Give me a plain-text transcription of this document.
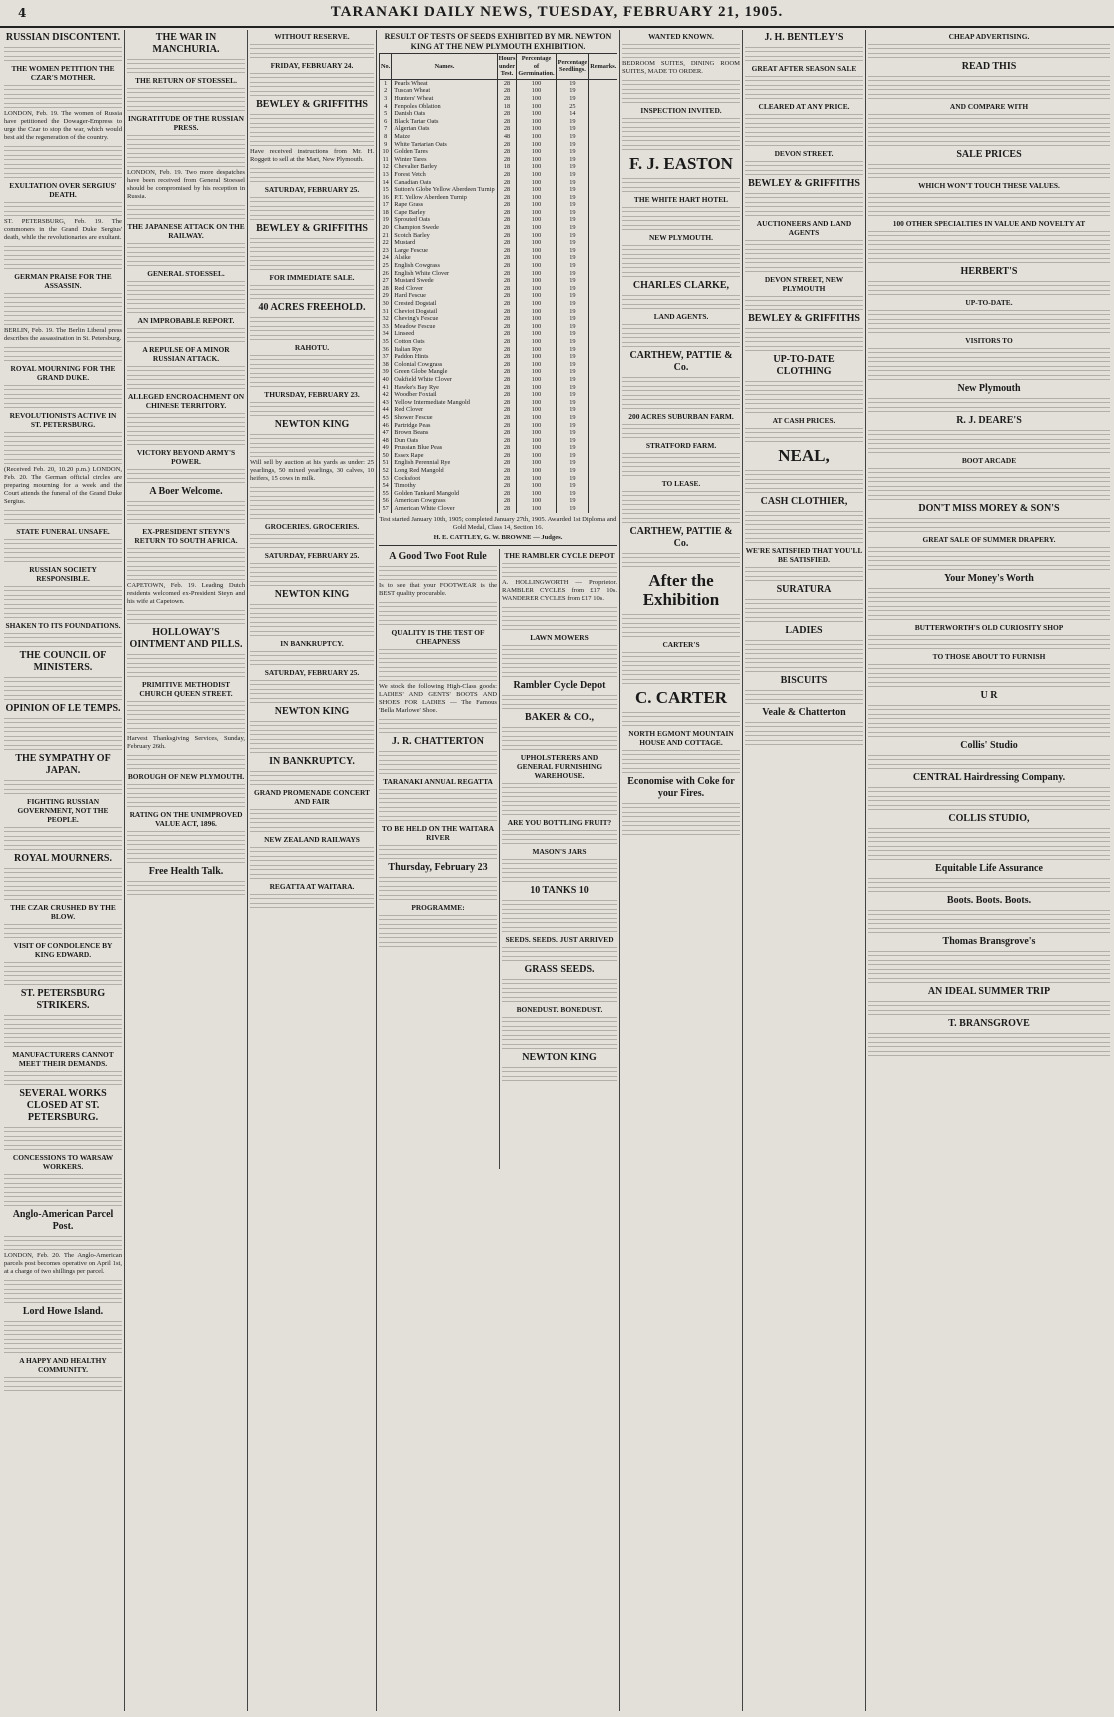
4	TARANAKI DAILY NEWS, TUESDAY, FEBRUARY 21, 1905.
RUSSIAN DISCONTENT.
THE WOMEN PETITION THE CZAR'S MOTHER.
LONDON, Feb. 19. The women of Russia have petitioned the Dowager-Empress to urge the Czar to stop the war, which would best aid the regeneration of the country.
EXULTATION OVER SERGIUS' DEATH.
ST. PETERSBURG, Feb. 19. The commoners in the Grand Duke Sergius' death, while the revolutionaries are exultant.
GERMAN PRAISE FOR THE ASSASSIN.
BERLIN, Feb. 19. The Berlin Liberal press describes the assassination in St. Petersburg.
ROYAL MOURNING FOR THE GRAND DUKE.
REVOLUTIONISTS ACTIVE IN ST. PETERSBURG.
(Received Feb. 20, 10.20 p.m.) LONDON, Feb. 20. The German official circles are preparing mourning for a week and the Court attends the funeral of the Grand Duke Sergius.
STATE FUNERAL UNSAFE.
RUSSIAN SOCIETY RESPONSIBLE.
SHAKEN TO ITS FOUNDATIONS.
THE COUNCIL OF MINISTERS.
OPINION OF LE TEMPS.
THE SYMPATHY OF JAPAN.
FIGHTING RUSSIAN GOVERNMENT, NOT THE PEOPLE.
ROYAL MOURNERS.
THE CZAR CRUSHED BY THE BLOW.
VISIT OF CONDOLENCE BY KING EDWARD.
ST. PETERSBURG STRIKERS.
MANUFACTURERS CANNOT MEET THEIR DEMANDS.
SEVERAL WORKS CLOSED AT ST. PETERSBURG.
CONCESSIONS TO WARSAW WORKERS.
Anglo-American Parcel Post.
LONDON, Feb. 20. The Anglo-American parcels post becomes operative on April 1st, at a charge of two shillings per parcel.
Lord Howe Island.
A HAPPY AND HEALTHY COMMUNITY.
THE WAR IN MANCHURIA.
THE RETURN OF STOESSEL.
INGRATITUDE OF THE RUSSIAN PRESS.
LONDON, Feb. 19. Two more despatches have been received from General Stoessel should be compromised by his reception in Russia.
THE JAPANESE ATTACK ON THE RAILWAY.
GENERAL STOESSEL.
AN IMPROBABLE REPORT.
A REPULSE OF A MINOR RUSSIAN ATTACK.
ALLEGED ENCROACHMENT ON CHINESE TERRITORY.
VICTORY BEYOND ARMY'S POWER.
A Boer Welcome.
EX-PRESIDENT STEYN'S RETURN TO SOUTH AFRICA.
CAPETOWN, Feb. 19. Leading Dutch residents welcomed ex-President Steyn and his wife at Capetown.
HOLLOWAY'S OINTMENT AND PILLS.
PRIMITIVE METHODIST CHURCH QUEEN STREET.
Harvest Thanksgiving Services, Sunday, February 26th.
BOROUGH OF NEW PLYMOUTH.
RATING ON THE UNIMPROVED VALUE ACT, 1896.
Free Health Talk.
WITHOUT RESERVE.
FRIDAY, FEBRUARY 24.
BEWLEY & GRIFFITHS
Have received instructions from Mr. H. Roggett to sell at the Mart, New Plymouth.
SATURDAY, FEBRUARY 25.
BEWLEY & GRIFFITHS
FOR IMMEDIATE SALE.
40 ACRES FREEHOLD.
RAHOTU.
THURSDAY, FEBRUARY 23.
NEWTON KING
Will sell by auction at his yards as under: 25 yearlings, 50 mixed yearlings, 30 calves, 10 heifers, 15 cows in milk.
GROCERIES. GROCERIES.
SATURDAY, FEBRUARY 25.
NEWTON KING
IN BANKRUPTCY.
SATURDAY, FEBRUARY 25.
NEWTON KING
IN BANKRUPTCY.
GRAND PROMENADE CONCERT AND FAIR
NEW ZEALAND RAILWAYS
REGATTA AT WAITARA.
RESULT OF TESTS OF SEEDS EXHIBITED BY MR. NEWTON KING AT THE NEW PLYMOUTH EXHIBITION.
No.	Names.	Hours under Test.	Percentage of Germination.	Percentage Seedlings.	Remarks.
1	Pearls Wheat	28	100	19	
2	Tuscan Wheat	28	100	19	
3	Hunters' Wheat	28	100	19	
4	Fenpoles Oblation	18	100	25	
5	Danish Oats	28	100	14	
6	Black Tartar Oats	28	100	19	
7	Algerian Oats	28	100	19	
8	Maize	48	100	19	
9	White Tartarian Oats	28	100	19	
10	Golden Tares	28	100	19	
11	Winter Tares	28	100	19	
12	Chevalier Barley	18	100	19	
13	Forest Vetch	28	100	19	
14	Canadian Oats	28	100	19	
15	Sutton's Globe Yellow Aberdeen Turnip	28	100	19	
16	P.T. Yellow Aberdeen Turnip	28	100	19	
17	Rape Grass	28	100	19	
18	Cape Barley	28	100	19	
19	Sprouted Oats	28	100	19	
20	Champion Swede	28	100	19	
21	Scotch Barley	28	100	19	
22	Mustard	28	100	19	
23	Large Fescue	28	100	19	
24	Alsike	28	100	19	
25	English Cowgrass	28	100	19	
26	English White Clover	28	100	19	
27	Mustard Swede	28	100	19	
28	Red Clover	28	100	19	
29	Hard Fescue	28	100	19	
30	Crested Dogstail	28	100	19	
31	Cheviot Dogstail	28	100	19	
32	Cheving's Fescue	28	100	19	
33	Meadow Fescue	28	100	19	
34	Linseed	28	100	19	
35	Cotton Oats	28	100	19	
36	Italian Rye	28	100	19	
37	Paddon Hints	28	100	19	
38	Colonial Cowgrass	28	100	19	
39	Green Globe Mangle	28	100	19	
40	Oakfield White Clover	28	100	19	
41	Hawke's Bay Rye	28	100	19	
42	Woodber Foxtail	28	100	19	
43	Yellow Intermediate Mangold	28	100	19	
44	Red Clover	28	100	19	
45	Shower Fescue	28	100	19	
46	Partridge Peas	28	100	19	
47	Brown Beans	28	100	19	
48	Dun Oats	28	100	19	
49	Prussian Blue Peas	28	100	19	
50	Essex Rape	28	100	19	
51	English Perennial Rye	28	100	19	
52	Long Red Mangold	28	100	19	
53	Cocksfoot	28	100	19	
54	Timothy	28	100	19	
55	Golden Tankard Mangold	28	100	19	
56	American Cowgrass	28	100	19	
57	American White Clover	28	100	19	
Test started January 10th, 1905; completed January 27th, 1905. Awarded 1st Diploma and Gold Medal, Class 14, Section 16.
H. E. CATTLEY, G. W. BROWNE — Judges.
A Good Two Foot Rule
Is to see that your FOOTWEAR is the BEST quality procurable.
QUALITY IS THE TEST OF CHEAPNESS
We stock the following High-Class goods: LADIES' AND GENTS' BOOTS AND SHOES FOR LADIES — The Famous 'Bella Marlowe' Shoe.
J. R. CHATTERTON
TARANAKI ANNUAL REGATTA
TO BE HELD ON THE WAITARA RIVER
Thursday, February 23
PROGRAMME:
THE RAMBLER CYCLE DEPOT
A. HOLLINGWORTH — Proprietor. RAMBLER CYCLES from £17 10s. WANDERER CYCLES from £17 10s.
LAWN MOWERS
Rambler Cycle Depot
BAKER & CO.,
UPHOLSTERERS AND GENERAL FURNISHING WAREHOUSE.
ARE YOU BOTTLING FRUIT?
MASON'S JARS
10 TANKS 10
SEEDS. SEEDS. JUST ARRIVED
GRASS SEEDS.
BONEDUST. BONEDUST.
NEWTON KING
WANTED KNOWN.
BEDROOM SUITES, DINING ROOM SUITES, MADE TO ORDER.
INSPECTION INVITED.
F. J. EASTON
THE WHITE HART HOTEL
NEW PLYMOUTH.
CHARLES CLARKE,
LAND AGENTS.
CARTHEW, PATTIE & Co.
200 ACRES SUBURBAN FARM.
STRATFORD FARM.
TO LEASE.
CARTHEW, PATTIE & Co.
After the Exhibition
CARTER'S
C. CARTER
NORTH EGMONT MOUNTAIN HOUSE AND COTTAGE.
Economise with Coke for your Fires.
J. H. BENTLEY'S
GREAT AFTER SEASON SALE
CLEARED AT ANY PRICE.
DEVON STREET.
BEWLEY & GRIFFITHS
AUCTIONEERS AND LAND AGENTS
DEVON STREET, NEW PLYMOUTH
BEWLEY & GRIFFITHS
UP-TO-DATE CLOTHING
AT CASH PRICES.
NEAL,
CASH CLOTHIER,
WE'RE SATISFIED THAT YOU'LL BE SATISFIED.
SURATURA
LADIES
BISCUITS
Veale & Chatterton
CHEAP ADVERTISING.
READ THIS
AND COMPARE WITH
SALE PRICES
WHICH WON'T TOUCH THESE VALUES.
100 OTHER SPECIALTIES IN VALUE AND NOVELTY AT
HERBERT'S
UP-TO-DATE.
VISITORS TO
New Plymouth
R. J. DEARE'S
BOOT ARCADE
DON'T MISS MOREY & SON'S
GREAT SALE OF SUMMER DRAPERY.
Your Money's Worth
BUTTERWORTH'S OLD CURIOSITY SHOP
TO THOSE ABOUT TO FURNISH
U R
Collis' Studio
CENTRAL Hairdressing Company.
COLLIS STUDIO,
Equitable Life Assurance
Boots. Boots. Boots.
Thomas Bransgrove's
AN IDEAL SUMMER TRIP
T. BRANSGROVE
